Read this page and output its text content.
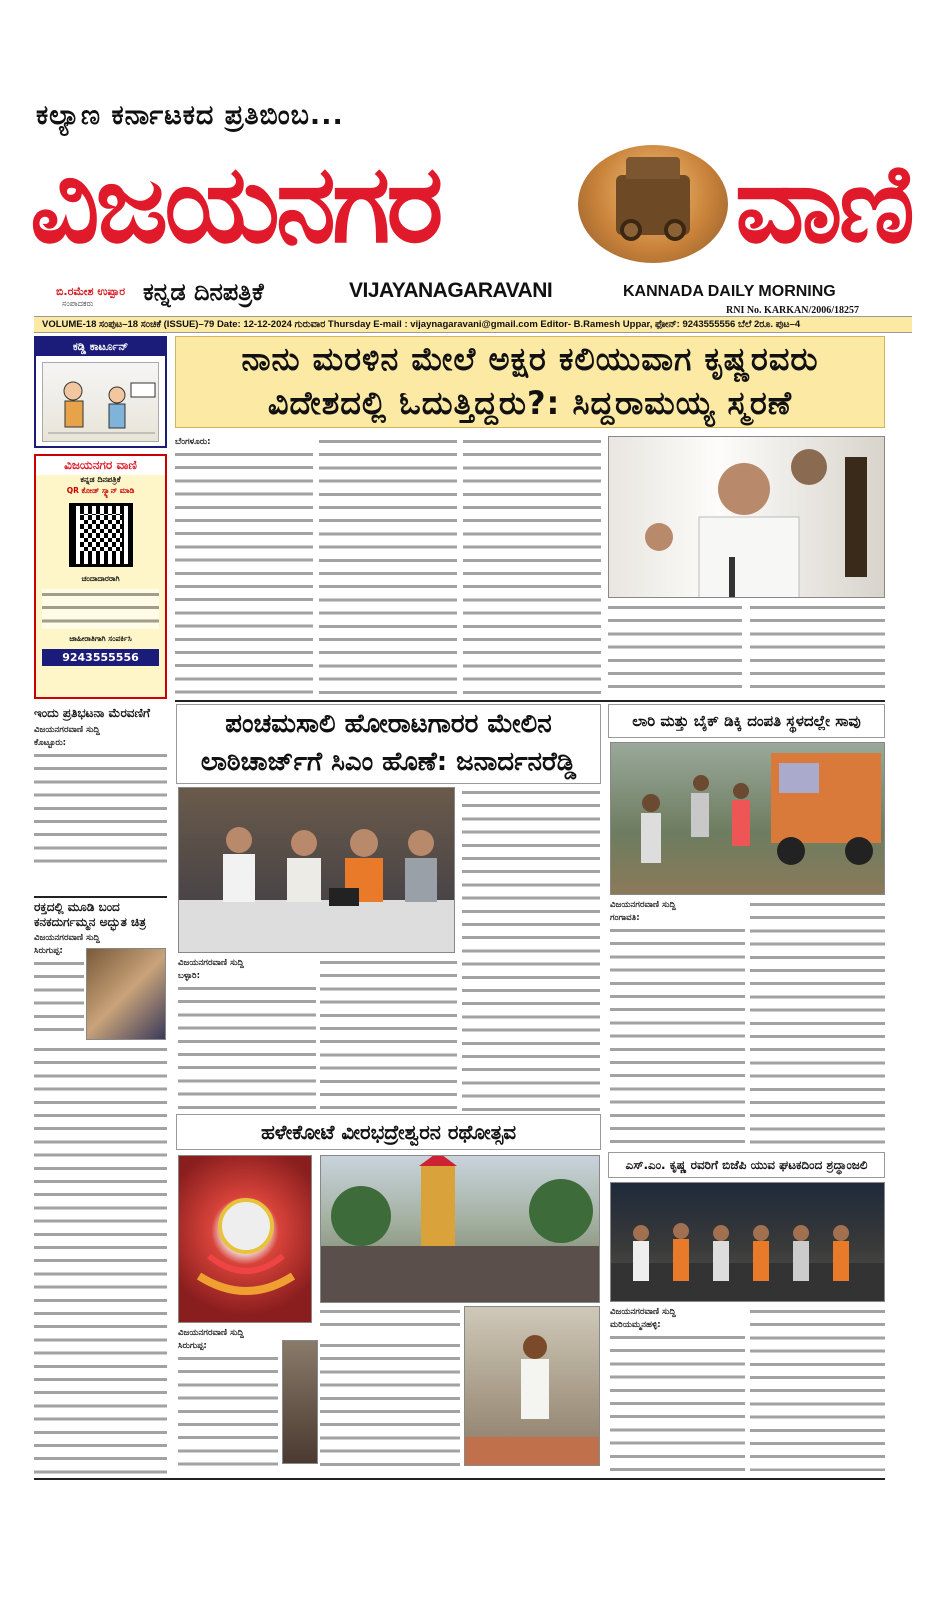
ಕಲ್ಯಾಣ ಕರ್ನಾಟಕದ ಪ್ರತಿಬಿಂಬ...
ವಿಜಯನಗರ	ವಾಣಿ
ಬಿ.ರಮೇಶ ಉಪ್ಪಾರ
ಸಂಪಾದಕರು ಕನ್ನಡ ದಿನಪತ್ರಿಕೆ	VIJAYANAGARAVANI	KANNADA DAILY MORNING
RNI No. KARKAN/2006/18257
VOLUME-18 ಸಂಪುಟ–18 ಸಂಚಿಕೆ (ISSUE)–79 Date: 12-12-2024 ಗುರುವಾರ Thursday E-mail : vijaynagaravani@gmail.com Editor- B.Ramesh Uppar, ಫೋನ್: 9243555556 ಬೆಲೆ 2ರೂ. ಪುಟ–4
ಕಡ್ಡಿ ಕಾರ್ಟೂನ್
ವಿಜಯನಗರ ವಾಣಿ
ಕನ್ನಡ ದಿನಪತ್ರಿಕೆ
QR ಕೋಡ್ ಸ್ಕ್ಯಾನ್ ಮಾಡಿ
ಚಂದಾದಾರರಾಗಿ
ಜಾಹೀರಾತಿಗಾಗಿ ಸಂಪರ್ಕಿಸಿ
9243555556
ಇಂದು ಪ್ರತಿಭಟನಾ ಮೆರವಣಿಗೆ
ವಿಜಯನಗರವಾಣಿ ಸುದ್ದಿ
ಕೊಟ್ಟೂರು:
ರಕ್ತದಲ್ಲಿ ಮೂಡಿ ಬಂದ ಕನಕದುರ್ಗಮ್ಮನ ಅದ್ಭುತ ಚಿತ್ರ
ವಿಜಯನಗರವಾಣಿ ಸುದ್ದಿ
ಸಿರುಗುಪ್ಪ:
ನಾನು ಮರಳಿನ ಮೇಲೆ ಅಕ್ಷರ ಕಲಿಯುವಾಗ ಕೃಷ್ಣರವರು ವಿದೇಶದಲ್ಲಿ ಓದುತ್ತಿದ್ದರು?: ಸಿದ್ದರಾಮಯ್ಯ ಸ್ಮರಣೆ
ಬೆಂಗಳೂರು:
ಪಂಚಮಸಾಲಿ ಹೋರಾಟಗಾರರ ಮೇಲಿನ ಲಾಠಿಚಾರ್ಜ್‌ಗೆ ಸಿಎಂ ಹೊಣೆ: ಜನಾರ್ದನರೆಡ್ಡಿ
ವಿಜಯನಗರವಾಣಿ ಸುದ್ದಿ
ಬಳ್ಳಾರಿ:
ಲಾರಿ ಮತ್ತು ಬೈಕ್ ಡಿಕ್ಕಿ ದಂಪತಿ ಸ್ಥಳದಲ್ಲೇ ಸಾವು
ವಿಜಯನಗರವಾಣಿ ಸುದ್ದಿ
ಗಂಗಾವತಿ:
ಹಳೇಕೋಟೆ ವೀರಭದ್ರೇಶ್ವರನ ರಥೋತ್ಸವ
ವಿಜಯನಗರವಾಣಿ ಸುದ್ದಿ
ಸಿರುಗುಪ್ಪ:
ಎಸ್.ಎಂ. ಕೃಷ್ಣ ರವರಿಗೆ ಬಿಜೆಪಿ ಯುವ ಘಟಕದಿಂದ ಶ್ರದ್ಧಾಂಜಲಿ
ವಿಜಯನಗರವಾಣಿ ಸುದ್ದಿ
ಮರಿಯಮ್ಮನಹಳ್ಳಿ:
